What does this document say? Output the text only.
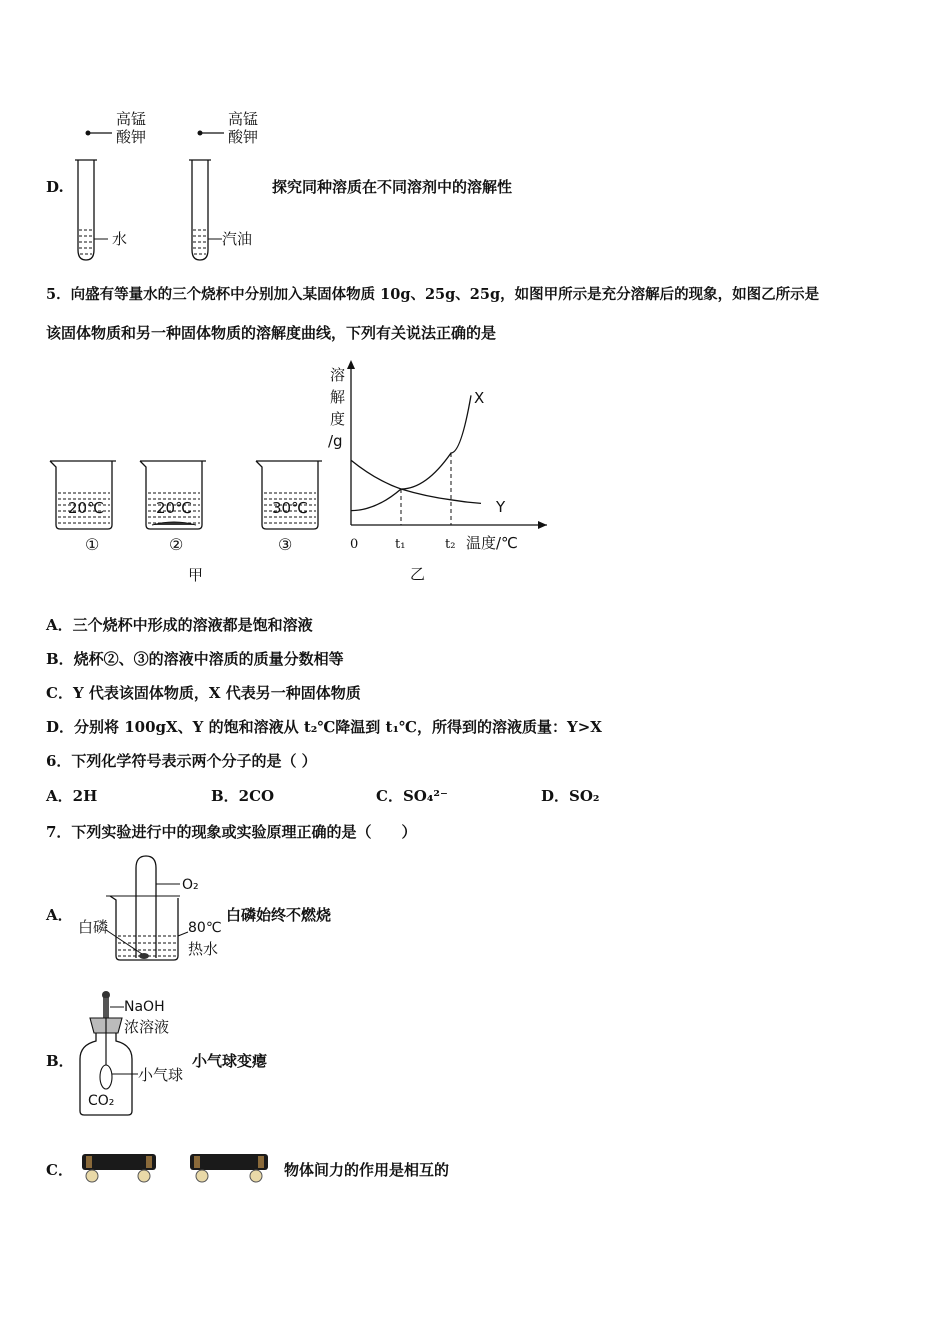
D.
高锰
酸钾
水
高锰
酸钾
汽油
探究同种溶质在不同溶剂中的溶解性
5．向盛有等量水的三个烧杯中分别加入某固体物质 10g、25g、25g，如图甲所示是充分溶解后的现象，如图乙所示是
该固体物质和另一种固体物质的溶解度曲线，下列有关说法正确的是
20℃	20℃	30℃
①	②	③
甲
溶
解
度
/g
X
Y
0	t₁	t₂ 温度/℃
乙
A．三个烧杯中形成的溶液都是饱和溶液
B．烧杯②、③的溶液中溶质的质量分数相等
C．Y 代表该固体物质，X 代表另一种固体物质
D．分别将 100gX、Y 的饱和溶液从 t₂℃降温到 t₁℃，所得到的溶液质量：Y>X
6．下列化学符号表示两个分子的是（ ）
A．2H	B．2CO	C．SO₄²⁻	D．SO₂
7．下列实验进行中的现象或实验原理正确的是（　　）
A．
O₂
白磷	80℃
热水
白磷始终不燃烧
B．
NaOH
浓溶液
小气球
CO₂
小气球变瘪
C．	物体间力的作用是相互的
